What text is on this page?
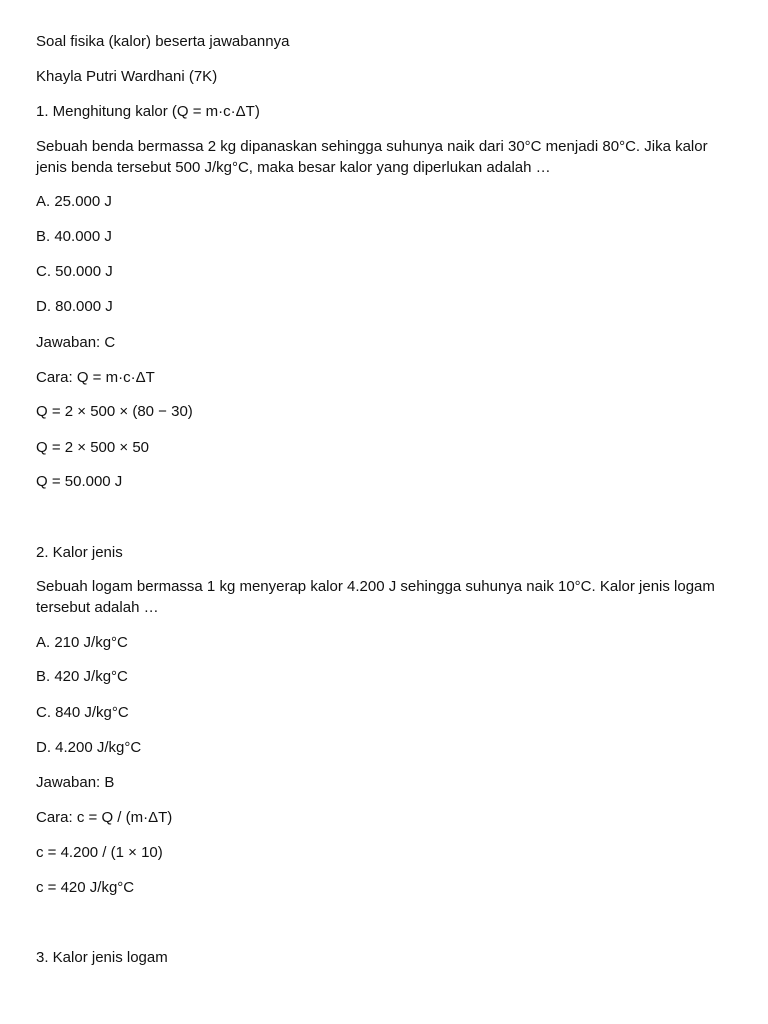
Soal fisika (kalor) beserta jawabannya

Khayla Putri Wardhani (7K)

1. Menghitung kalor (Q = m·c·ΔT)

Sebuah benda bermassa 2 kg dipanaskan sehingga suhunya naik dari 30°C menjadi 80°C. Jika kalor jenis benda tersebut 500 J/kg°C, maka besar kalor yang diperlukan adalah …

A. 25.000 J

B. 40.000 J

C. 50.000 J

D. 80.000 J

Jawaban: C

Cara: Q = m·c·ΔT

Q = 2 × 500 × (80 − 30)

Q = 2 × 500 × 50

Q = 50.000 J

2. Kalor jenis

Sebuah logam bermassa 1 kg menyerap kalor 4.200 J sehingga suhunya naik 10°C. Kalor jenis logam tersebut adalah …

A. 210 J/kg°C

B. 420 J/kg°C

C. 840 J/kg°C

D. 4.200 J/kg°C

Jawaban: B

Cara: c = Q / (m·ΔT)

c = 4.200 / (1 × 10)

c = 420 J/kg°C

3. Kalor jenis logam
